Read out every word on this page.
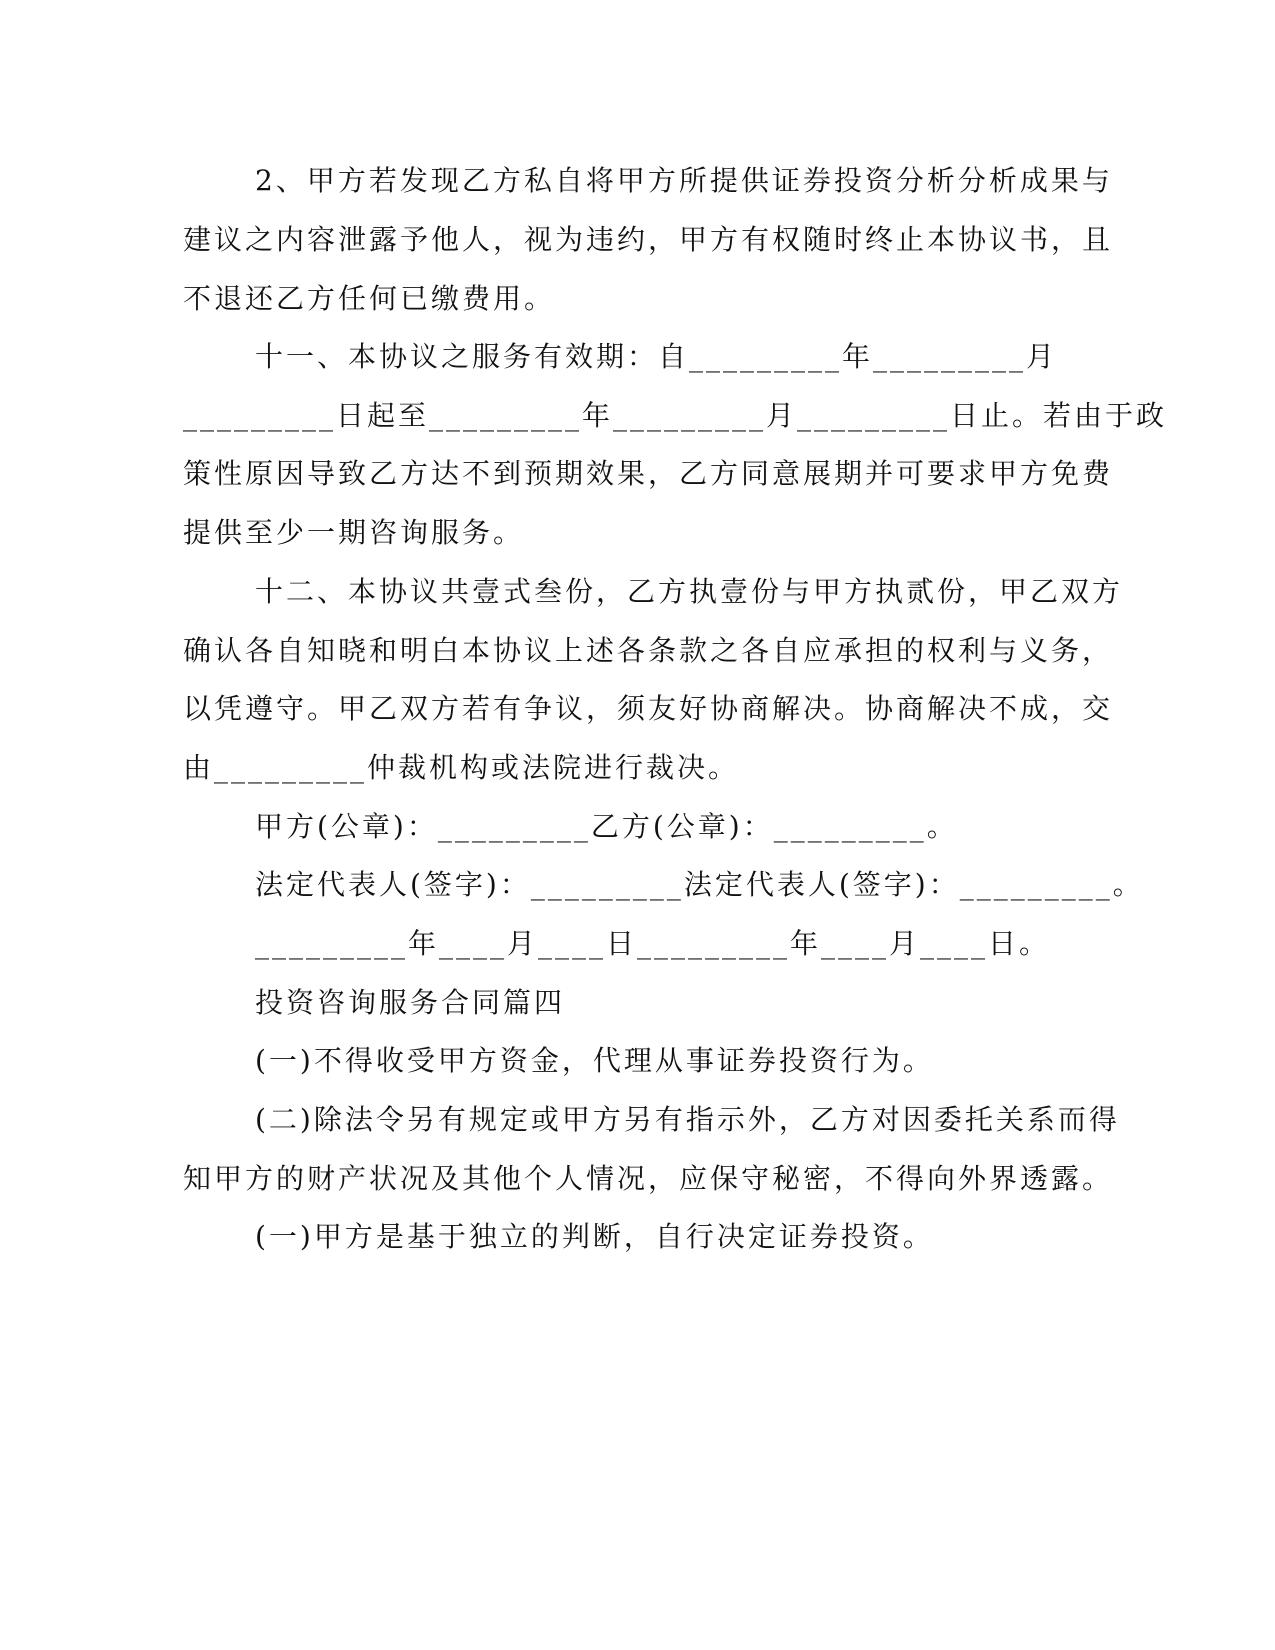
2、甲方若发现乙方私自将甲方所提供证券投资分析分析成果与
建议之内容泄露予他人，视为违约，甲方有权随时终止本协议书，且
不退还乙方任何已缴费用。
十一、本协议之服务有效期：自_________年_________月
_________日起至_________年_________月_________日止。若由于政
策性原因导致乙方达不到预期效果，乙方同意展期并可要求甲方免费
提供至少一期咨询服务。
十二、本协议共壹式叁份，乙方执壹份与甲方执贰份，甲乙双方
确认各自知晓和明白本协议上述各条款之各自应承担的权利与义务，
以凭遵守。甲乙双方若有争议，须友好协商解决。协商解决不成，交
由_________仲裁机构或法院进行裁决。
甲方(公章)：_________乙方(公章)：_________。
法定代表人(签字)：_________法定代表人(签字)：_________。
_________年____月____日_________年____月____日。
投资咨询服务合同篇四
(一)不得收受甲方资金，代理从事证券投资行为。
(二)除法令另有规定或甲方另有指示外，乙方对因委托关系而得
知甲方的财产状况及其他个人情况，应保守秘密，不得向外界透露。
(一)甲方是基于独立的判断，自行决定证券投资。
